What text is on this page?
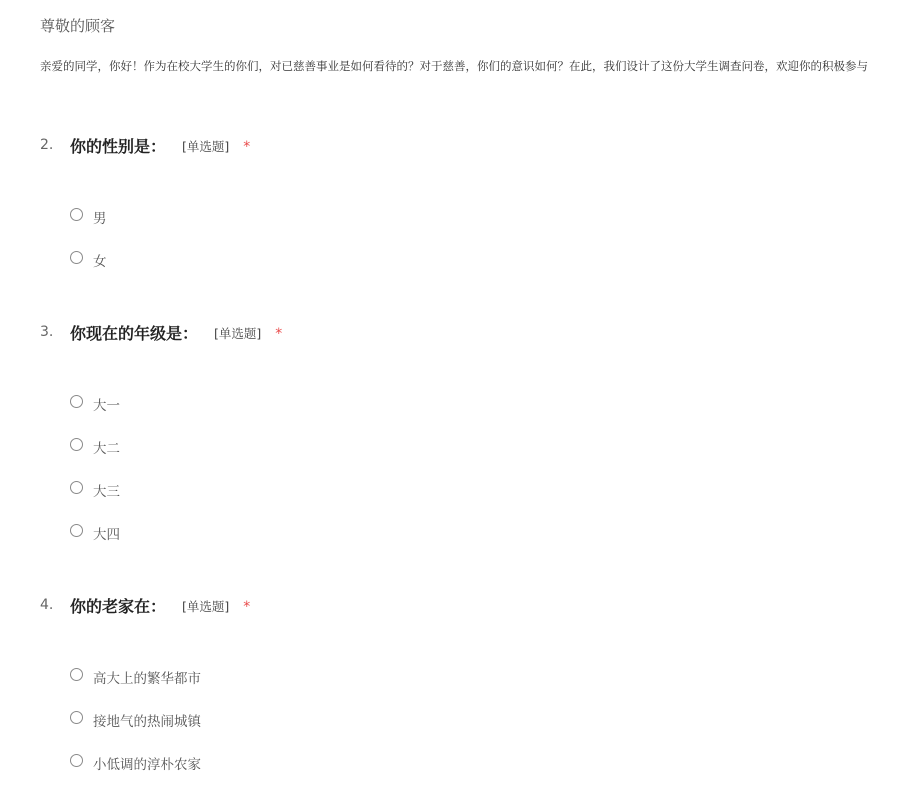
尊敬的顾客
亲爱的同学，你好！作为在校大学生的你们，对已慈善事业是如何看待的？对于慈善，你们的意识如何？在此，我们设计了这份大学生调查问卷，欢迎你的积极参与
2. 你的性别是： [单选题] *
男
女
3. 你现在的年级是： [单选题] *
大一
大二
大三
大四
4. 你的老家在： [单选题] *
高大上的繁华都市
接地气的热闹城镇
小低调的淳朴农家
